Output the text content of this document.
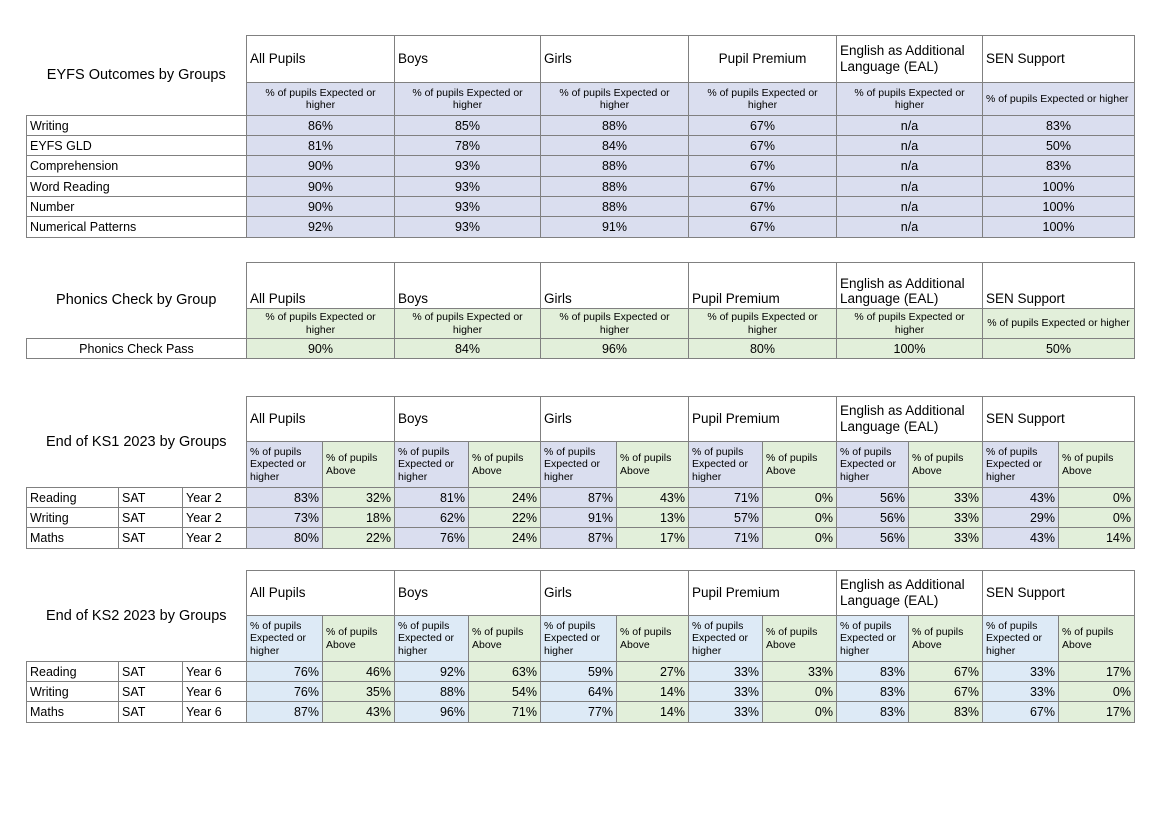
EYFS Outcomes by Groups	All Pupils	Boys	Girls	Pupil Premium	English as Additional Language (EAL)	SEN Support
	% of pupils Expected or higher	% of pupils Expected or higher	% of pupils Expected or higher	% of pupils Expected or higher	% of pupils Expected or higher	% of pupils Expected or higher
Writing	86%	85%	88%	67%	n/a	83%
EYFS GLD	81%	78%	84%	67%	n/a	50%
Comprehension	90%	93%	88%	67%	n/a	83%
Word Reading	90%	93%	88%	67%	n/a	100%
Number	90%	93%	88%	67%	n/a	100%
Numerical Patterns	92%	93%	91%	67%	n/a	100%
Phonics Check by Group	All Pupils	Boys	Girls	Pupil Premium	English as Additional Language (EAL)	SEN Support
	% of pupils Expected or higher	% of pupils Expected or higher	% of pupils Expected or higher	% of pupils Expected or higher	% of pupils Expected or higher	% of pupils Expected or higher
Phonics Check Pass	90%	84%	96%	80%	100%	50%
End of KS1 2023 by Groups			All Pupils		Boys		Girls		Pupil Premium		English as Additional Language (EAL)		SEN Support	
			% of pupils Expected or higher	% of pupils Above	% of pupils Expected or higher	% of pupils Above	% of pupils Expected or higher	% of pupils Above	% of pupils Expected or higher	% of pupils Above	% of pupils Expected or higher	% of pupils Above	% of pupils Expected or higher	% of pupils Above
Reading	SAT	Year 2	83%	32%	81%	24%	87%	43%	71%	0%	56%	33%	43%	0%
Writing	SAT	Year 2	73%	18%	62%	22%	91%	13%	57%	0%	56%	33%	29%	0%
Maths	SAT	Year 2	80%	22%	76%	24%	87%	17%	71%	0%	56%	33%	43%	14%
End of KS2 2023 by Groups			All Pupils		Boys		Girls		Pupil Premium		English as Additional Language (EAL)		SEN Support	
			% of pupils Expected or higher	% of pupils Above	% of pupils Expected or higher	% of pupils Above	% of pupils Expected or higher	% of pupils Above	% of pupils Expected or higher	% of pupils Above	% of pupils Expected or higher	% of pupils Above	% of pupils Expected or higher	% of pupils Above
Reading	SAT	Year 6	76%	46%	92%	63%	59%	27%	33%	33%	83%	67%	33%	17%
Writing	SAT	Year 6	76%	35%	88%	54%	64%	14%	33%	0%	83%	67%	33%	0%
Maths	SAT	Year 6	87%	43%	96%	71%	77%	14%	33%	0%	83%	83%	67%	17%
